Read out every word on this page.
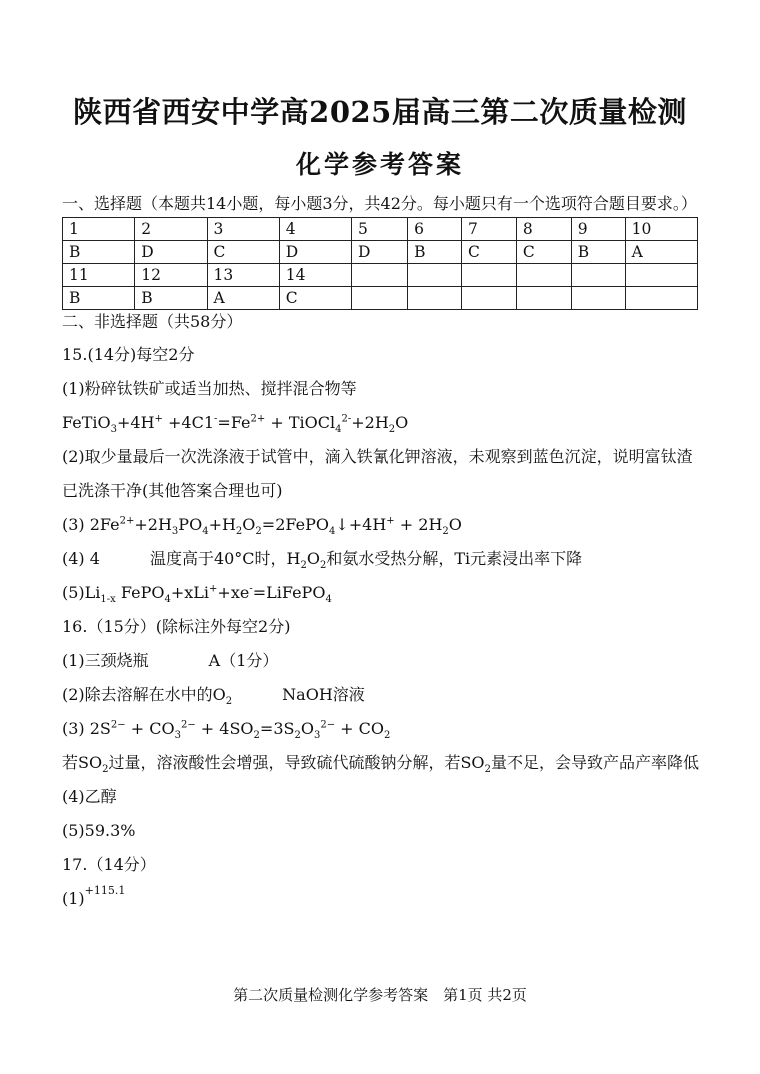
陕西省西安中学高2025届高三第二次质量检测
化学参考答案

一、选择题（本题共14小题，每小题3分，共42分。每小题只有一个选项符合题目要求。）

1	2	3	4	5	6	7	8	9	10
B	D	C	D	D	B	C	C	B	A
11	12	13	14						
B	B	A	C						

二、非选择题（共58分）

15.(14分)每空2分

(1)粉碎钛铁矿或适当加热、搅拌混合物等

FeTiO$_3$+4H+ $+4C1^-=Fe^{2+}$ + $TiOCl_4^{2-}+2H_2O$

(2)取少量最后一次洗涤液于试管中，滴入铁氰化钾溶液，未观察到蓝色沉淀，说明富钛渣已洗涤干净(其他答案合理也可)

(3) $2Fe^{2+}+2H_3PO_4+H_2O_2=2FePO_4↓+4H^+ + 2H_2O$

(4) 4	温度高于40°C时，$H_2O_2$和氨水受热分解，Ti元素浸出率下降

$(5)Li_{1-x}$ FePO$_4$+xLi++xe-=LiFePO$_4$

16.（15分）(除标注外每空2分)

(1)三颈烧瓶	A（1分）

(2)除去溶解在水中的$O_2$	NaOH溶液

(3) $2S^{2-} + CO_3^{2-} + 4SO_2=3S_2O_3^{2-} + CO_2$

若$SO_2$过量，溶液酸性会增强，导致硫代硫酸钠分解，若$SO_2$量不足，会导致产品产率降低

(4)乙醇

(5)59.3%

17.（14分）

$(1)^{+115.1}$

第二次质量检测化学参考答案　第1页 共2页
